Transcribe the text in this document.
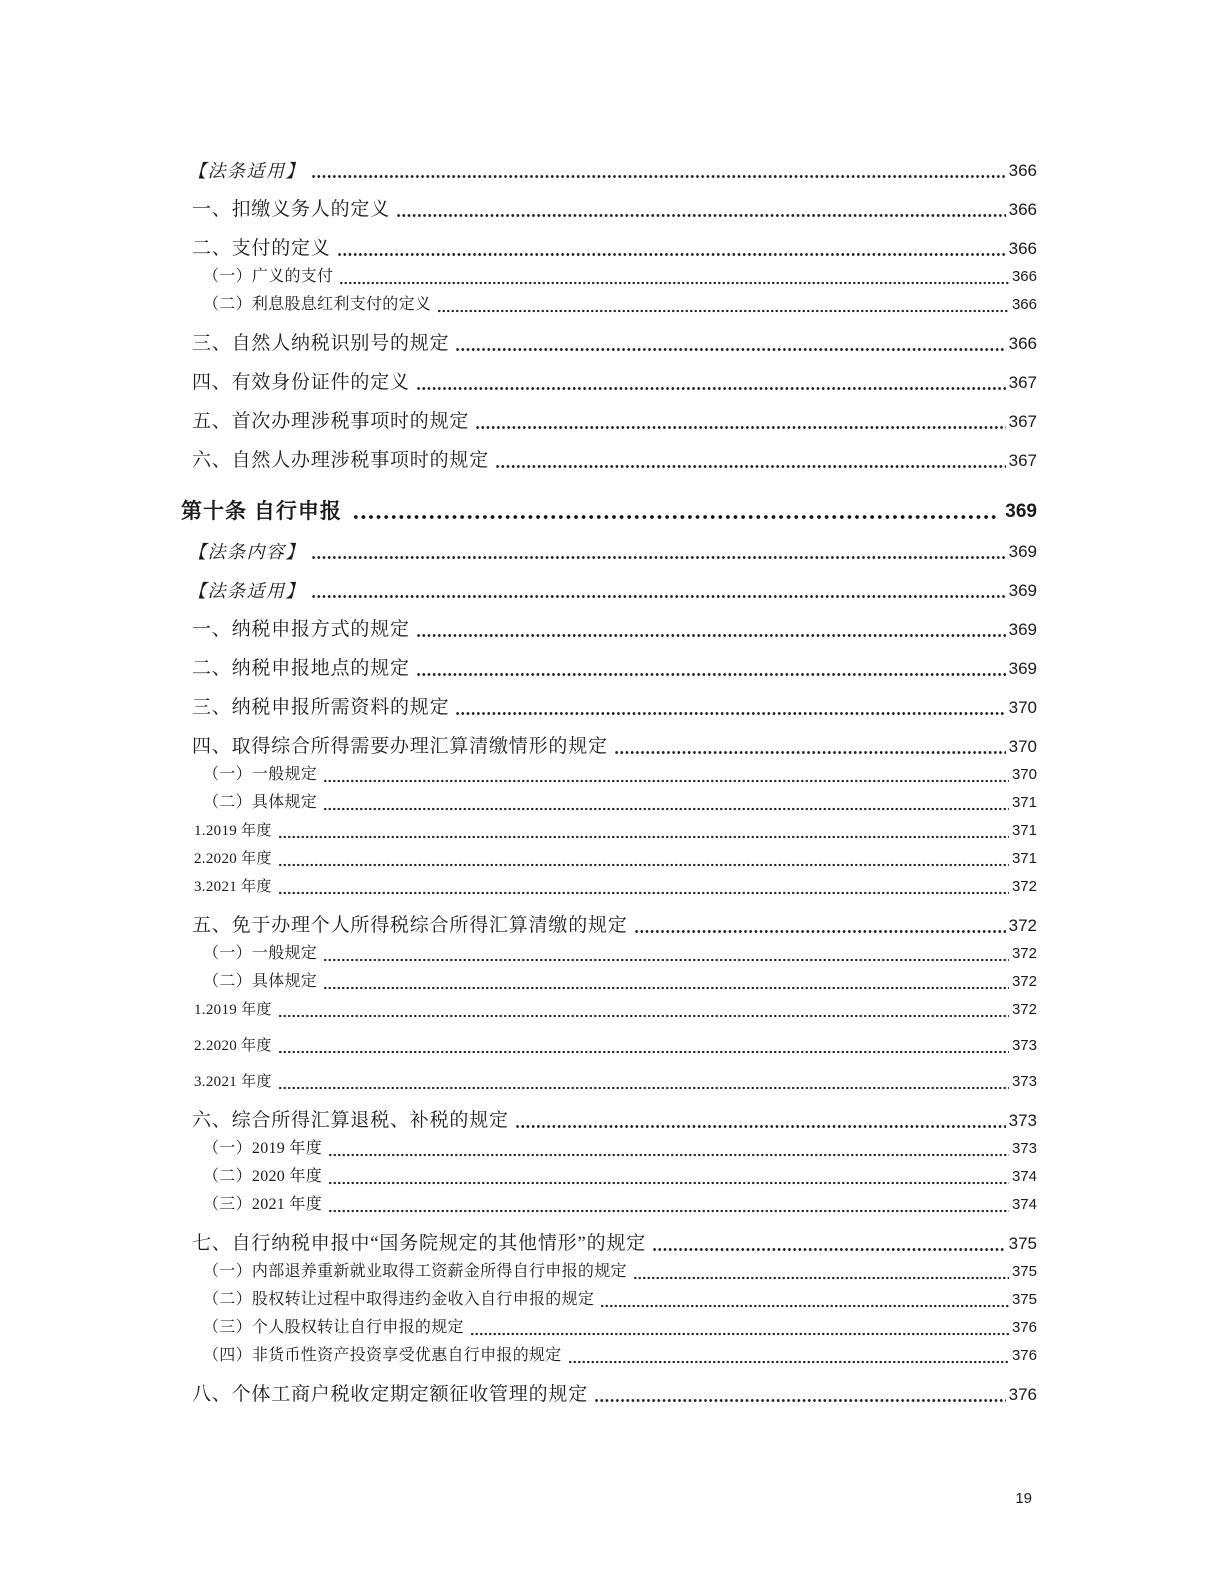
【法条适用】	366
一、扣缴义务人的定义	366
二、支付的定义	366
（一）广义的支付	366
（二）利息股息红利支付的定义	366
三、自然人纳税识别号的规定	366
四、有效身份证件的定义	367
五、首次办理涉税事项时的规定	367
六、自然人办理涉税事项时的规定	367
第十条 自行申报	369
【法条内容】	369
【法条适用】	369
一、纳税申报方式的规定	369
二、纳税申报地点的规定	369
三、纳税申报所需资料的规定	370
四、取得综合所得需要办理汇算清缴情形的规定	370
（一）一般规定	370
（二）具体规定	371
1.2019 年度	371
2.2020 年度	371
3.2021 年度	372
五、免于办理个人所得税综合所得汇算清缴的规定	372
（一）一般规定	372
（二）具体规定	372
1.2019 年度	372
2.2020 年度	373
3.2021 年度	373
六、综合所得汇算退税、补税的规定	373
（一）2019 年度	373
（二）2020 年度	374
（三）2021 年度	374
七、自行纳税申报中“国务院规定的其他情形”的规定	375
（一）内部退养重新就业取得工资薪金所得自行申报的规定	375
（二）股权转让过程中取得违约金收入自行申报的规定	375
（三）个人股权转让自行申报的规定	376
（四）非货币性资产投资享受优惠自行申报的规定	376
八、个体工商户税收定期定额征收管理的规定	376
19
